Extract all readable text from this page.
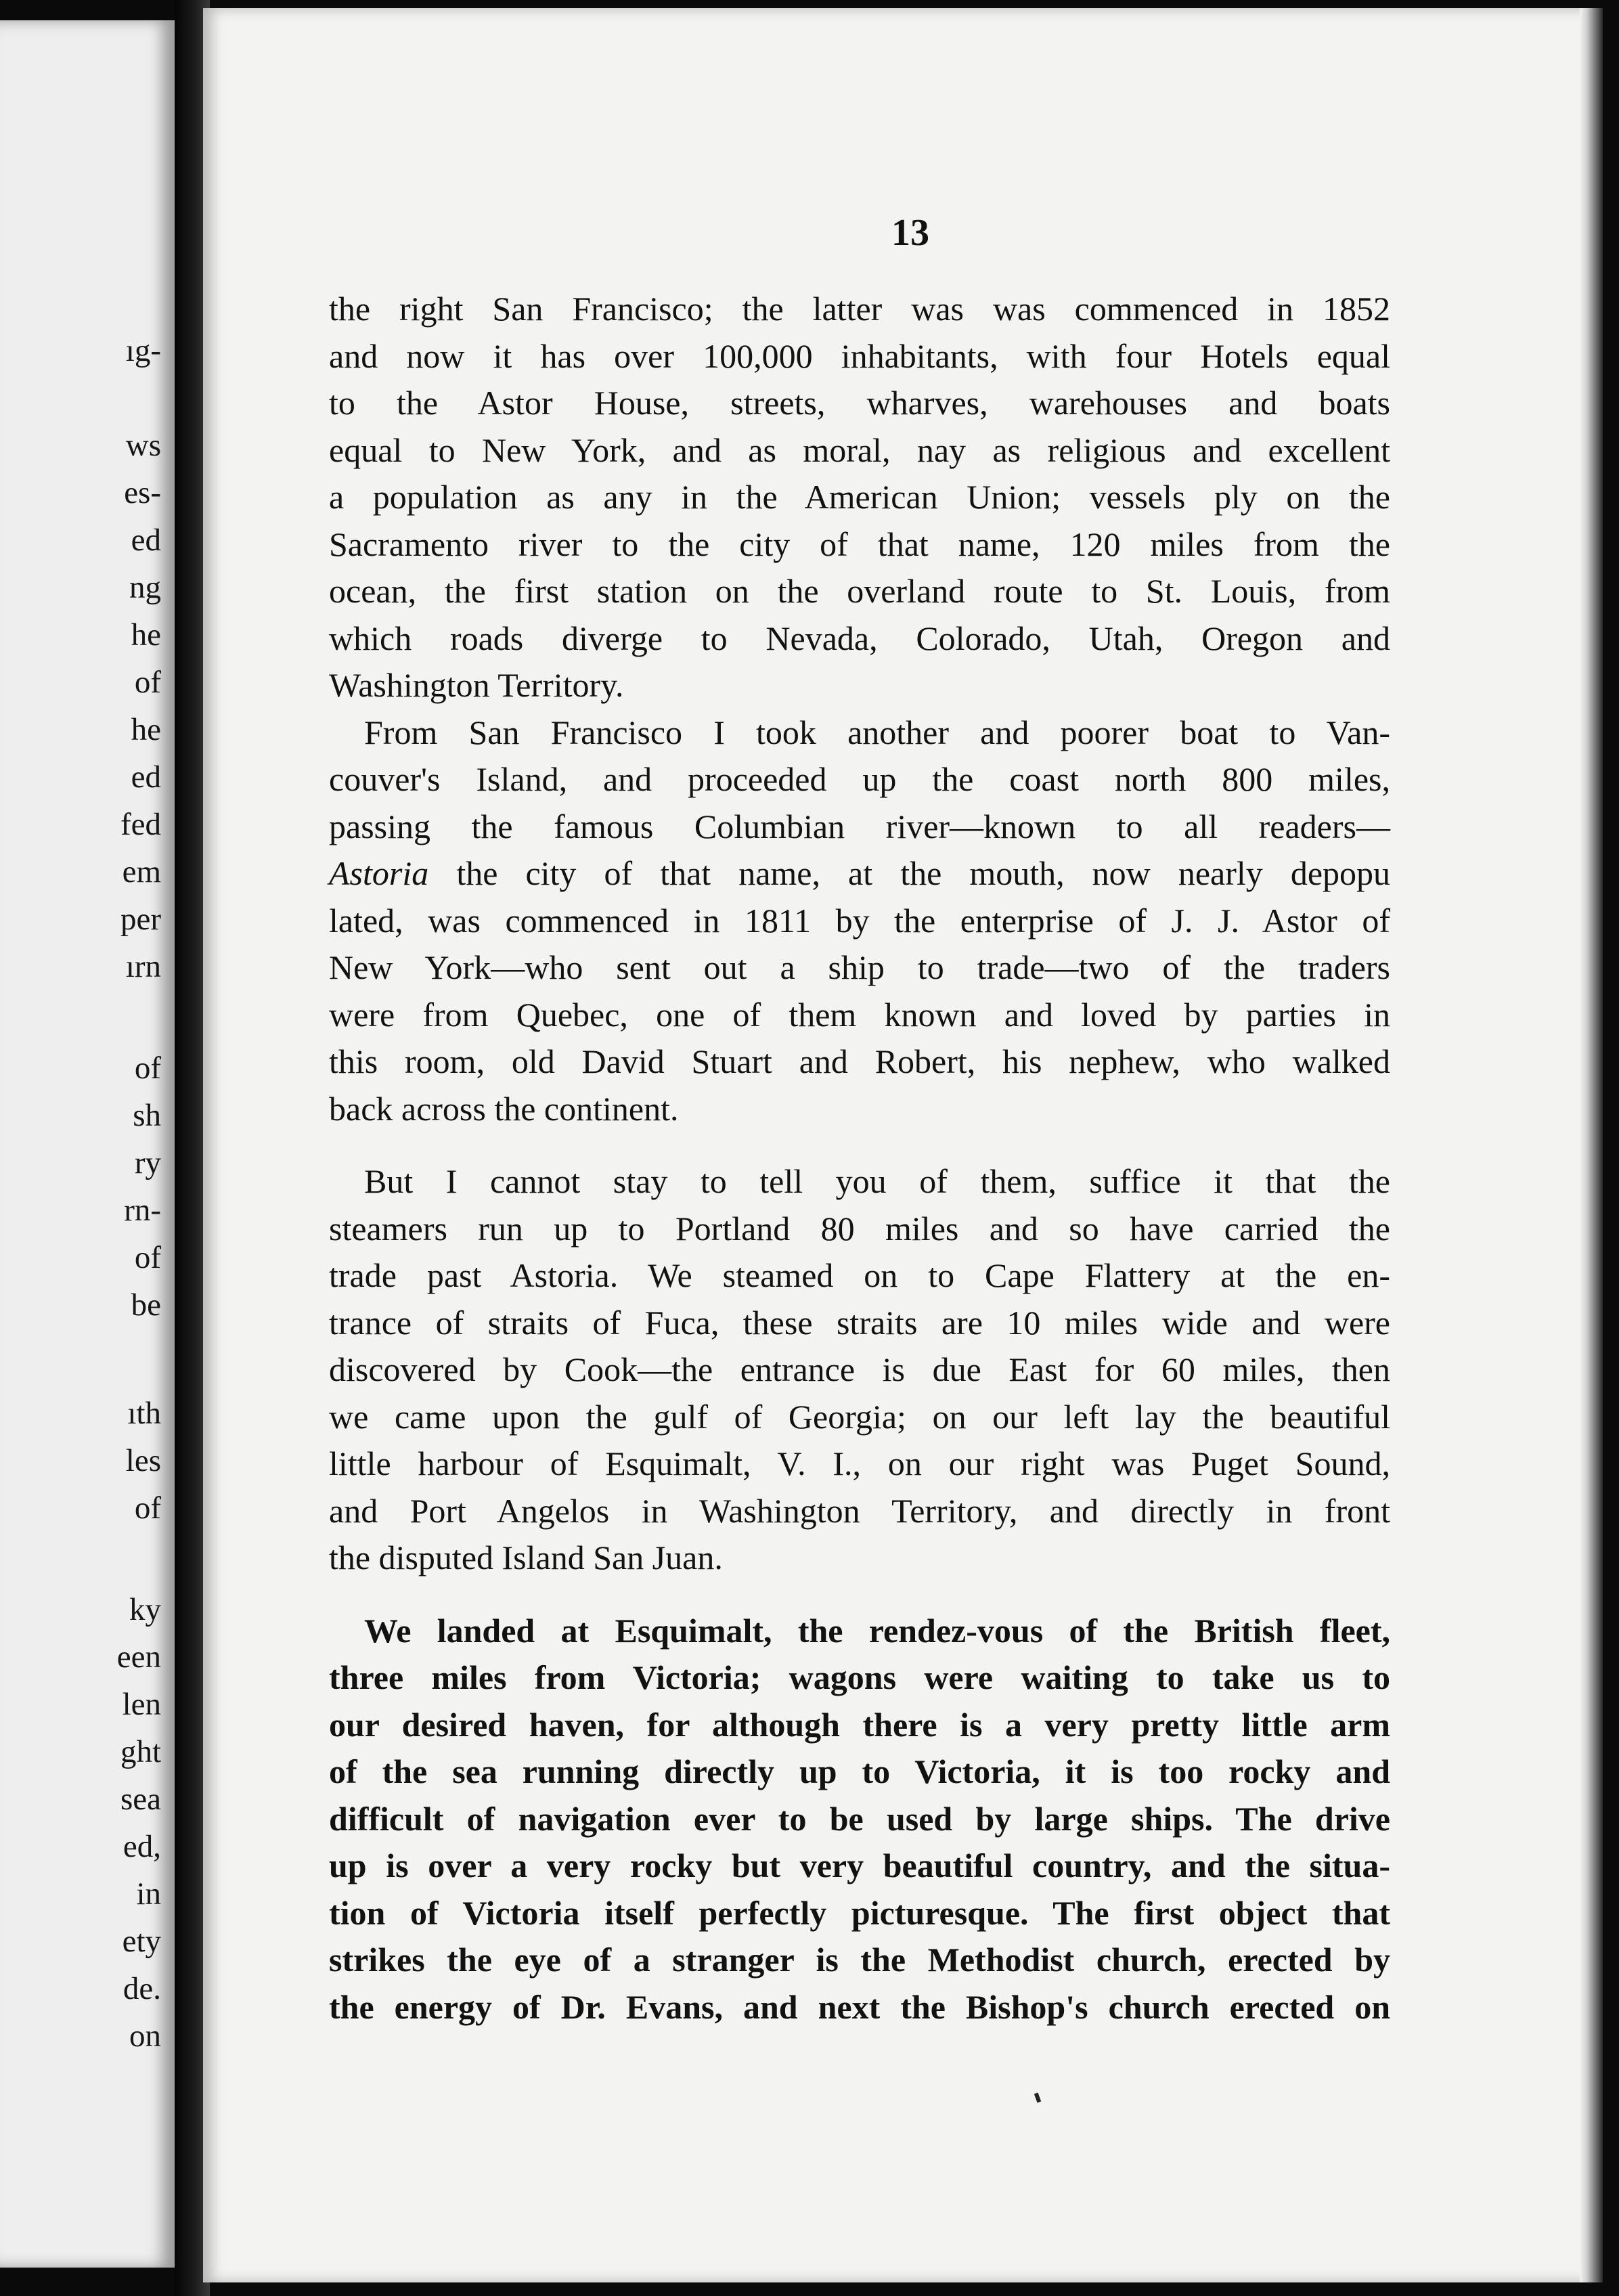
ıg-

ws

es-

ed

ng

he

of

he

ed

fed

em

per

ırn

of

sh

ry

rn-

of

be

ıth

les

of

ky

een

len

ght

sea

ed,

in

ety

de.

on

13

the right San Francisco; the latter was was commenced in 1852
and now it has over 100,000 inhabitants, with four Hotels equal
to the Astor House, streets, wharves, warehouses and boats
equal to New York, and as moral, nay as religious and excellent
a population as any in the American Union; vessels ply on the
Sacramento river to the city of that name, 120 miles from the
ocean, the first station on the overland route to St. Louis, from
which roads diverge to Nevada, Colorado, Utah, Oregon and
Washington Territory.
From San Francisco I took another and poorer boat to Van-
couver's Island, and proceeded up the coast north 800 miles,
passing the famous Columbian river—known to all readers—
Astoria the city of that name, at the mouth, now nearly depopu
lated, was commenced in 1811 by the enterprise of J. J. Astor of
New York—who sent out a ship to trade—two of the traders
were from Quebec, one of them known and loved by parties in
this room, old David Stuart and Robert, his nephew, who walked
back across the continent.
But I cannot stay to tell you of them, suffice it that the
steamers run up to Portland 80 miles and so have carried the
trade past Astoria. We steamed on to Cape Flattery at the en-
trance of straits of Fuca, these straits are 10 miles wide and were
discovered by Cook—the entrance is due East for 60 miles, then
we came upon the gulf of Georgia; on our left lay the beautiful
little harbour of Esquimalt, V. I., on our right was Puget Sound,
and Port Angelos in Washington Territory, and directly in front
the disputed Island San Juan.
We landed at Esquimalt, the rendez-vous of the British fleet,
three miles from Victoria; wagons were waiting to take us to
our desired haven, for although there is a very pretty little arm
of the sea running directly up to Victoria, it is too rocky and
difficult of navigation ever to be used by large ships. The drive
up is over a very rocky but very beautiful country, and the situa-
tion of Victoria itself perfectly picturesque. The first object that
strikes the eye of a stranger is the Methodist church, erected by
the energy of Dr. Evans, and next the Bishop's church erected on
